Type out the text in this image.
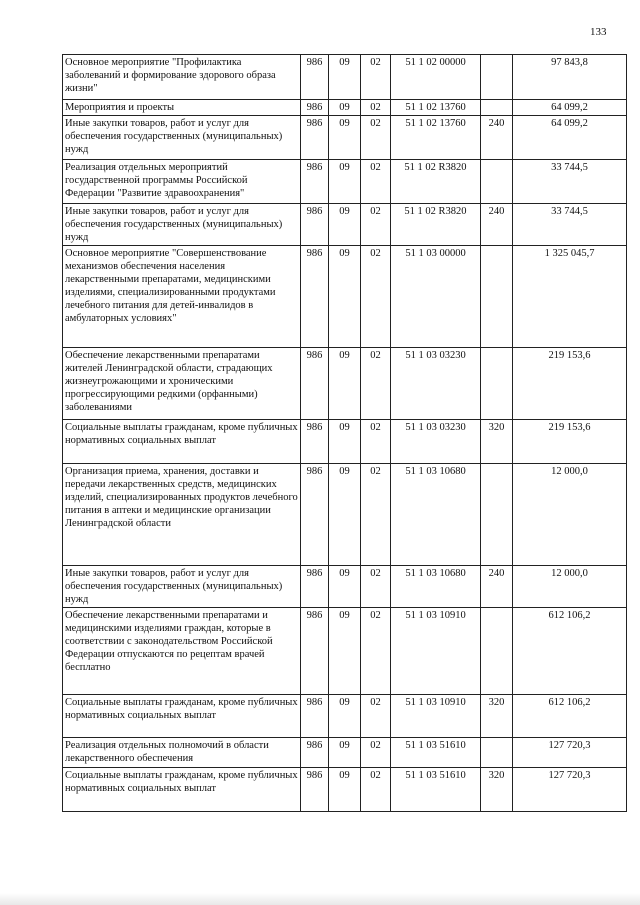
133
Основное мероприятие "Профилактика заболеваний и формирование здорового образа жизни"	986	09	02	51 1 02 00000		97 843,8
Мероприятия и проекты	986	09	02	51 1 02 13760		64 099,2
Иные закупки товаров, работ и услуг для обеспечения государственных (муниципальных) нужд	986	09	02	51 1 02 13760	240	64 099,2
Реализация отдельных мероприятий государственной программы Российской Федерации "Развитие здравоохранения"	986	09	02	51 1 02 R3820		33 744,5
Иные закупки товаров, работ и услуг для обеспечения государственных (муниципальных) нужд	986	09	02	51 1 02 R3820	240	33 744,5
Основное мероприятие "Совершенствование механизмов обеспечения населения лекарственными препаратами, медицинскими изделиями, специализированными продуктами лечебного питания для детей-инвалидов в амбулаторных условиях"	986	09	02	51 1 03 00000		1 325 045,7
Обеспечение лекарственными препаратами жителей Ленинградской области, страдающих жизнеугрожающими и хроническими прогрессирующими редкими (орфанными) заболеваниями	986	09	02	51 1 03 03230		219 153,6
Социальные выплаты гражданам, кроме публичных нормативных социальных выплат	986	09	02	51 1 03 03230	320	219 153,6
Организация приема, хранения, доставки и передачи лекарственных средств, медицинских изделий, специализированных продуктов лечебного питания в аптеки и медицинские организации Ленинградской области	986	09	02	51 1 03 10680		12 000,0
Иные закупки товаров, работ и услуг для обеспечения государственных (муниципальных) нужд	986	09	02	51 1 03 10680	240	12 000,0
Обеспечение лекарственными препаратами и медицинскими изделиями граждан, которые в соответствии с законодательством Российской Федерации отпускаются по рецептам врачей бесплатно	986	09	02	51 1 03 10910		612 106,2
Социальные выплаты гражданам, кроме публичных нормативных социальных выплат	986	09	02	51 1 03 10910	320	612 106,2
Реализация отдельных полномочий в области лекарственного обеспечения	986	09	02	51 1 03 51610		127 720,3
Социальные выплаты гражданам, кроме публичных нормативных социальных выплат	986	09	02	51 1 03 51610	320	127 720,3
